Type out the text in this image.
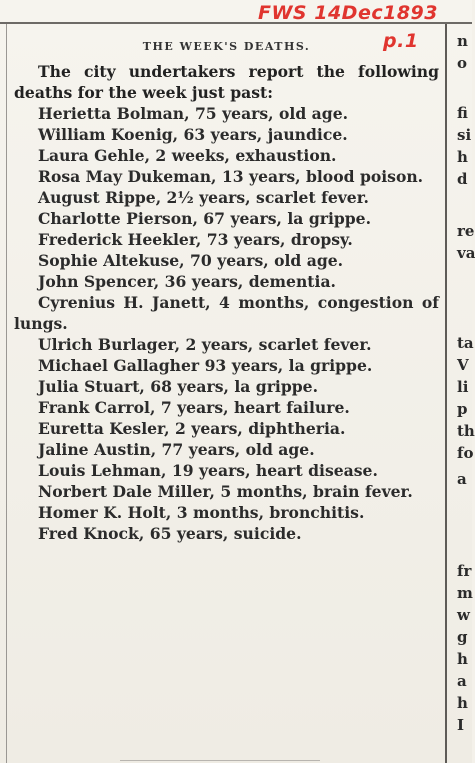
FWS 14Dec1893
p.1
THE WEEK'S DEATHS.

The city undertakers report the following deaths for the week just past:

Herietta Bolman, 75 years, old age.

William Koenig, 63 years, jaundice.

Laura Gehle, 2 weeks, exhaustion.

Rosa May Dukeman, 13 years, blood poison.

August Rippe, 2½ years, scarlet fever.

Charlotte Pierson, 67 years, la grippe.

Frederick Heekler, 73 years, dropsy.

Sophie Altekuse, 70 years, old age.

John Spencer, 36 years, dementia.

Cyrenius H. Janett, 4 months, congestion of lungs.

Ulrich Burlager, 2 years, scarlet fever.

Michael Gallagher 93 years, la grippe.

Julia Stuart, 68 years, la grippe.

Frank Carrol, 7 years, heart failure.

Euretta Kesler, 2 years, diphtheria.

Jaline Austin, 77 years, old age.

Louis Lehman, 19 years, heart disease.

Norbert Dale Miller, 5 months, brain fever.

Homer K. Holt, 3 months, bronchitis.

Fred Knock, 65 years, suicide.

n
o
fi
si
h
d
re
va
ta
V
li
p
th
fo
a
fr
m
w
g
h
a
h
I
